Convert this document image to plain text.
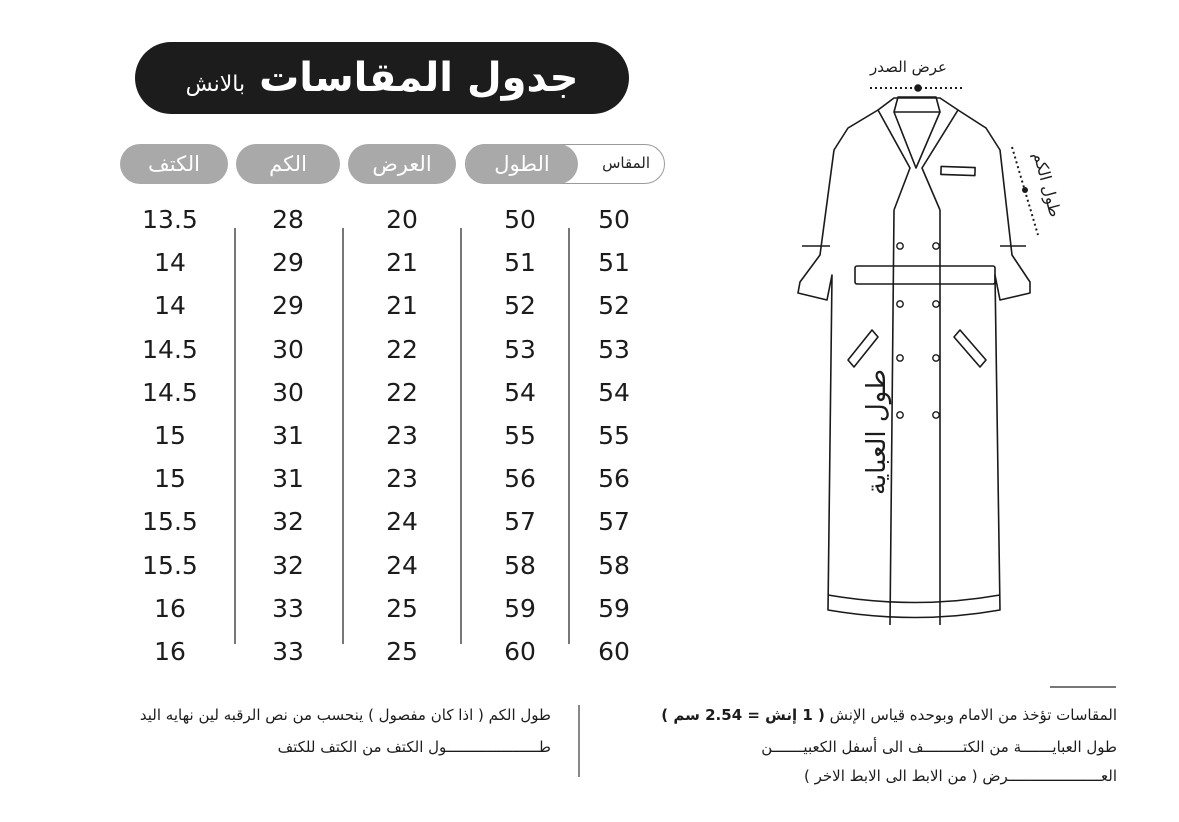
جدول المقاسات
بالانش
المقاس
الطول
العرض
الكم
الكتف
50
51
52
53
54
55
56
57
58
59
60
50
51
52
53
54
55
56
57
58
59
60
20
21
21
22
22
23
23
24
24
25
25
28
29
29
30
30
31
31
32
32
33
33
13.5
14
14
14.5
14.5
15
15
15.5
15.5
16
16
عرض الصدر
طول الكم
طول العباية
المقاسات تؤخذ من الامام وبوحده قياس الإنش ( 1 إنش = 2.54 سم )
طول العبايـــــــة من الكتـــــــــف الى أسفل الكعبيـــــــن
العـــــــــــــــــــــرض ( من الابط الى الابط الاخر )
طول الكم ( اذا كان مفصول ) ينحسب من نص الرقبه لين نهايه اليد
طـــــــــــــــــــــول الكتف من الكتف للكتف
